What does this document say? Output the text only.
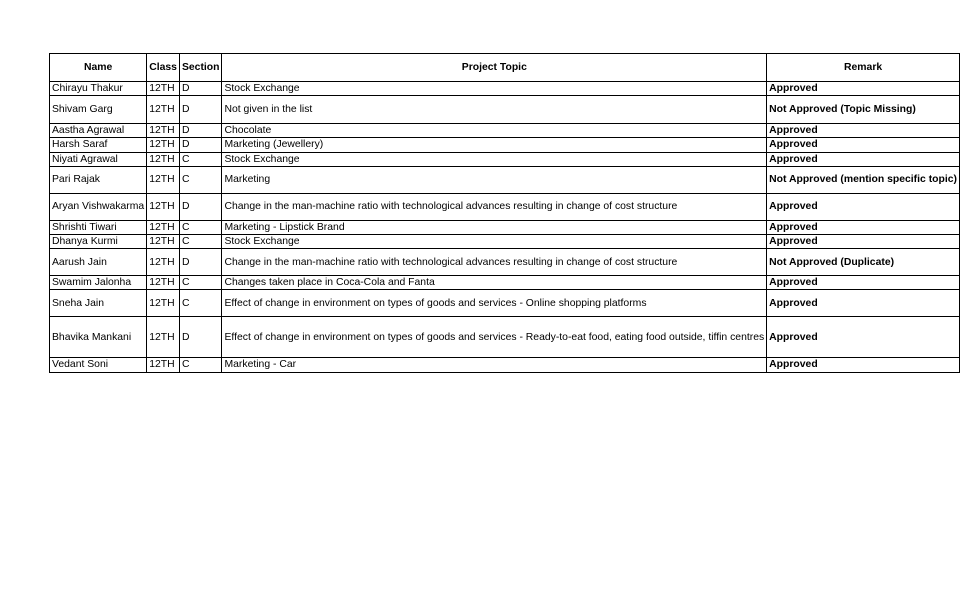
Name	Class	Section	Project Topic	Remark
Chirayu Thakur	12TH	D	Stock Exchange	Approved
Shivam Garg	12TH	D	Not given in the list	Not Approved (Topic Missing)
Aastha Agrawal	12TH	D	Chocolate	Approved
Harsh Saraf	12TH	D	Marketing (Jewellery)	Approved
Niyati Agrawal	12TH	C	Stock Exchange	Approved
Pari Rajak	12TH	C	Marketing	Not Approved (mention specific topic)
Aryan Vishwakarma	12TH	D	Change in the man-machine ratio with technological advances resulting in change of cost structure	Approved
Shrishti Tiwari	12TH	C	Marketing - Lipstick Brand	Approved
Dhanya Kurmi	12TH	C	Stock Exchange	Approved
Aarush Jain	12TH	D	Change in the man-machine ratio with technological advances resulting in change of cost structure	Not Approved (Duplicate)
Swamim Jalonha	12TH	C	Changes taken place in Coca-Cola and Fanta	Approved
Sneha Jain	12TH	C	Effect of change in environment on types of goods and services - Online shopping platforms	Approved
Bhavika Mankani	12TH	D	Effect of change in environment on types of goods and services - Ready-to-eat food, eating food outside, tiffin centres	Approved
Vedant Soni	12TH	C	Marketing - Car	Approved
